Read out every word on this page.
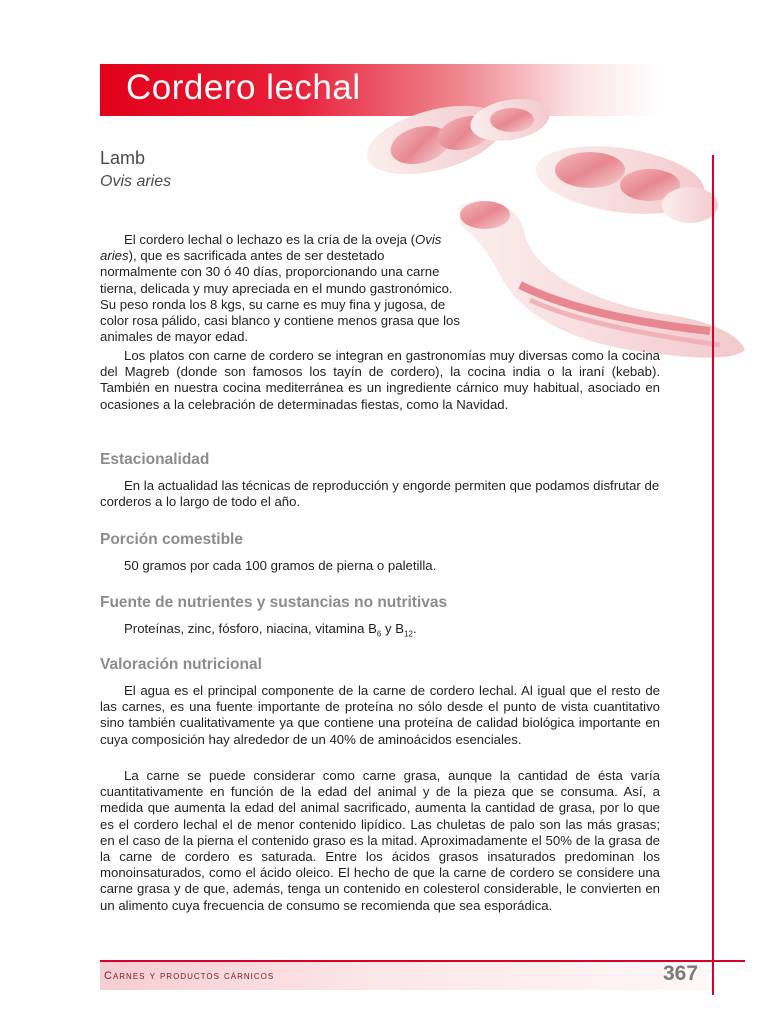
Cordero lechal
Lamb
Ovis aries

El cordero lechal o lechazo es la cría de la oveja (Ovis aries), que es sacrificada antes de ser destetado normalmente con 30 ó 40 días, proporcionando una carne tierna, delicada y muy apreciada en el mundo gastronómico. Su peso ronda los 8 kgs, su carne es muy fina y jugosa, de color rosa pálido, casi blanco y contiene menos grasa que los animales de mayor edad.

Los platos con carne de cordero se integran en gastronomías muy diversas como la cocina del Magreb (donde son famosos los tayín de cordero), la cocina india o la iraní (kebab). También en nuestra cocina mediterránea es un ingrediente cárnico muy habitual, asociado en ocasiones a la celebración de determinadas fiestas, como la Navidad.

Estacionalidad

En la actualidad las técnicas de reproducción y engorde permiten que podamos disfrutar de corderos a lo largo de todo el año.

Porción comestible

50 gramos por cada 100 gramos de pierna o paletilla.

Fuente de nutrientes y sustancias no nutritivas

Proteínas, zinc, fósforo, niacina, vitamina $B_6$ y $B_{12}$.

Valoración nutricional

El agua es el principal componente de la carne de cordero lechal. Al igual que el resto de las carnes, es una fuente importante de proteína no sólo desde el punto de vista cuantitativo sino también cualitativamente ya que contiene una proteína de calidad biológica importante en cuya composición hay alrededor de un 40% de aminoácidos esenciales.

La carne se puede considerar como carne grasa, aunque la cantidad de ésta varía cuantitativamente en función de la edad del animal y de la pieza que se consuma. Así, a medida que aumenta la edad del animal sacrificado, aumenta la cantidad de grasa, por lo que es el cordero lechal el de menor contenido lipídico. Las chuletas de palo son las más grasas; en el caso de la pierna el contenido graso es la mitad. Aproximadamente el 50% de la grasa de la carne de cordero es saturada. Entre los ácidos grasos insaturados predominan los monoinsaturados, como el ácido oleico. El hecho de que la carne de cordero se considere una carne grasa y de que, además, tenga un contenido en colesterol considerable, le convierten en un alimento cuya frecuencia de consumo se recomienda que sea esporádica.

Carnes y productos cárnicos	367
